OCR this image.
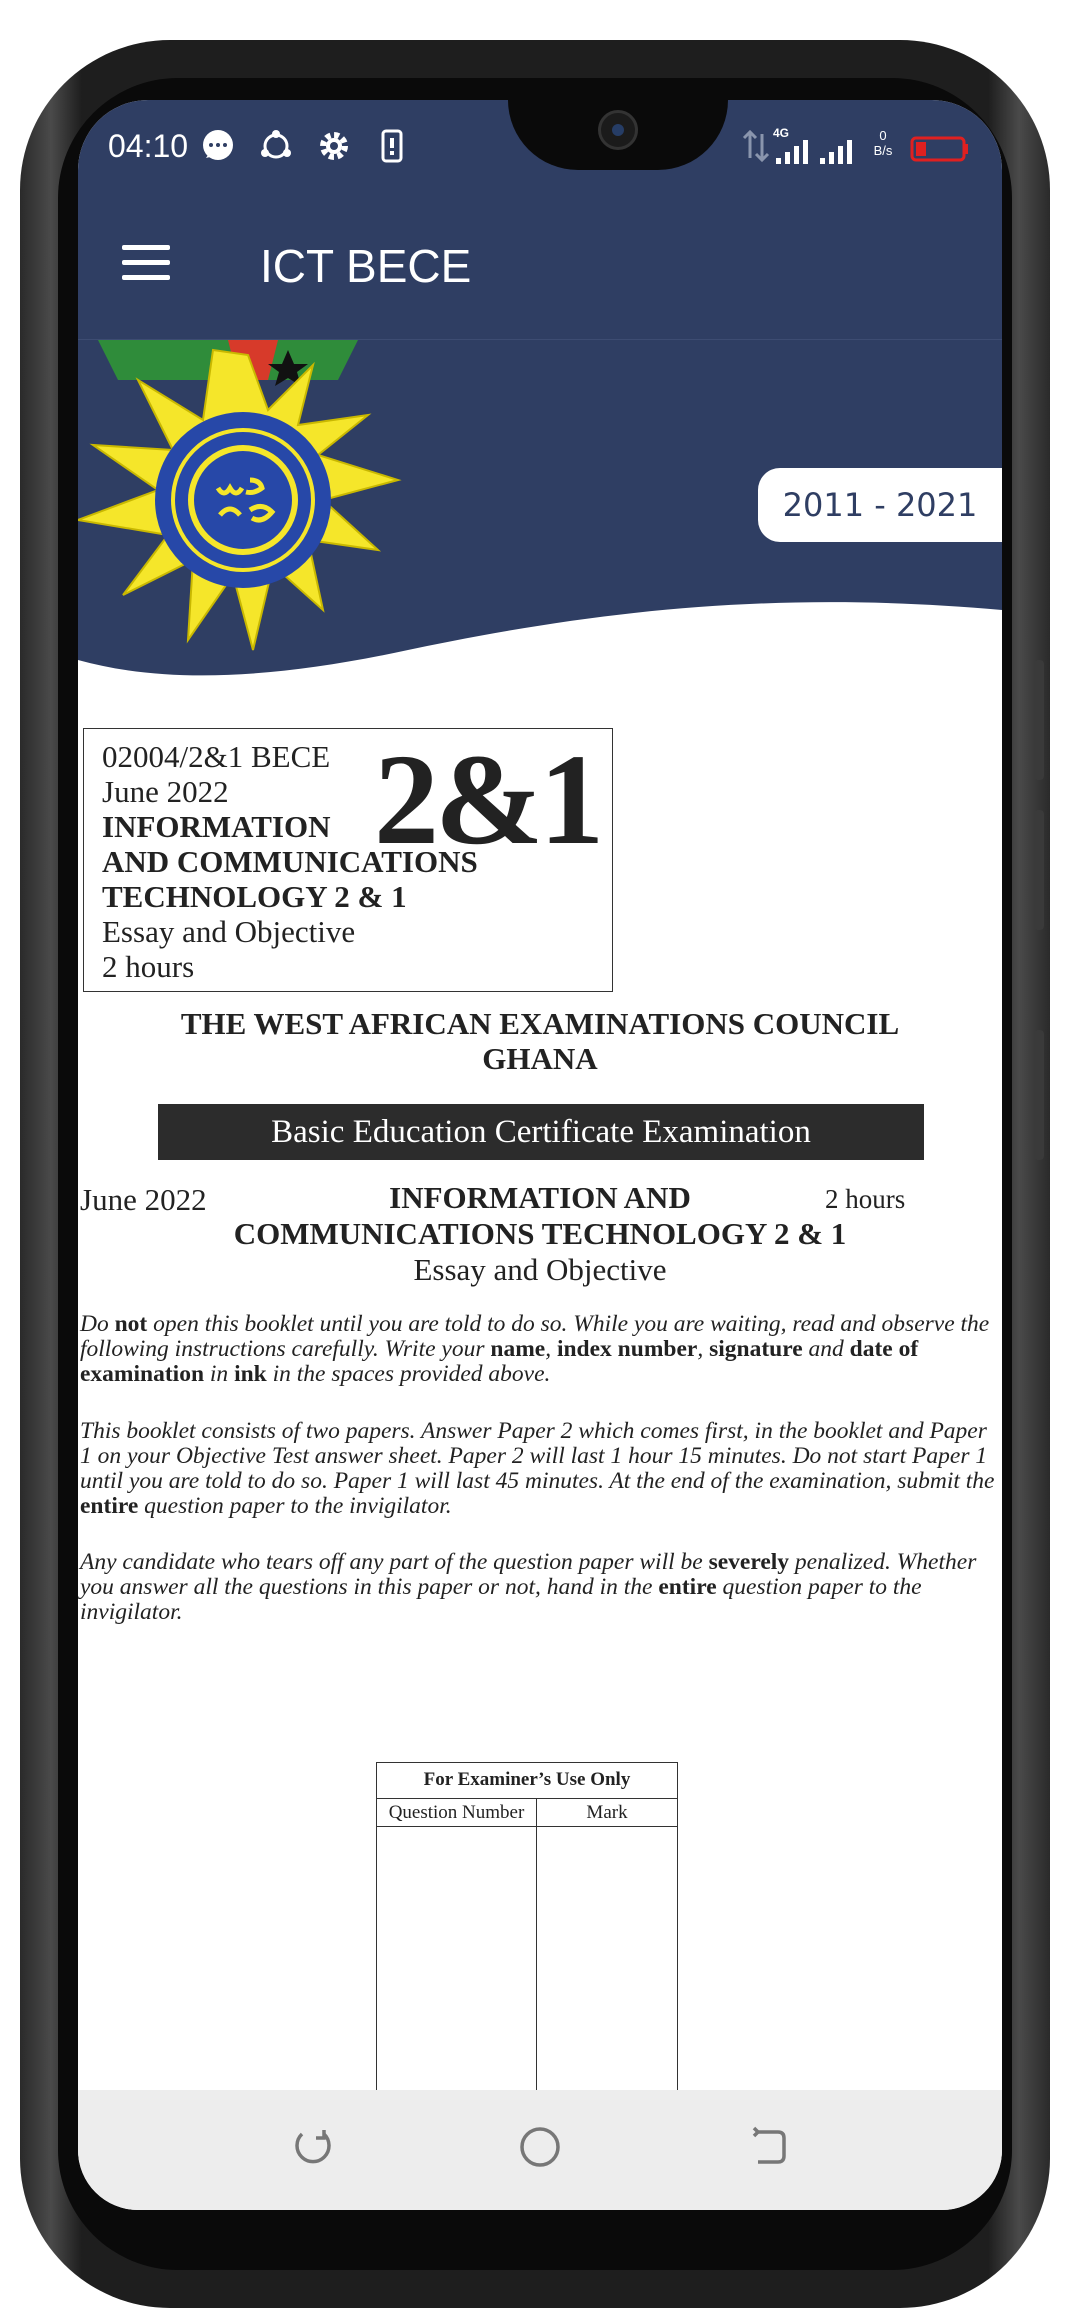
04:10	4G	0
B/s
ICT BECE
2011 - 2021
02004/2&1 BECE
June 2022
INFORMATION
AND COMMUNICATIONS
TECHNOLOGY 2 & 1
Essay and Objective
2 hours
2&1
THE WEST AFRICAN EXAMINATIONS COUNCIL
GHANA
Basic Education Certificate Examination
INFORMATION AND
COMMUNICATIONS TECHNOLOGY 2 & 1
June 2022	2 hours
Essay and Objective
Do not open this booklet until you are told to do so. While you are waiting, read and observe the following instructions carefully. Write your name, index number, signature and date of examination in ink in the spaces provided above.
This booklet consists of two papers. Answer Paper 2 which comes first, in the booklet and Paper 1 on your Objective Test answer sheet. Paper 2 will last 1 hour 15 minutes. Do not start Paper 1 until you are told to do so. Paper 1 will last 45 minutes. At the end of the examination, submit the entire question paper to the invigilator.
Any candidate who tears off any part of the question paper will be severely penalized. Whether you answer all the questions in this paper or not, hand in the entire question paper to the invigilator.
For Examiner’s Use Only
Question Number	Mark
